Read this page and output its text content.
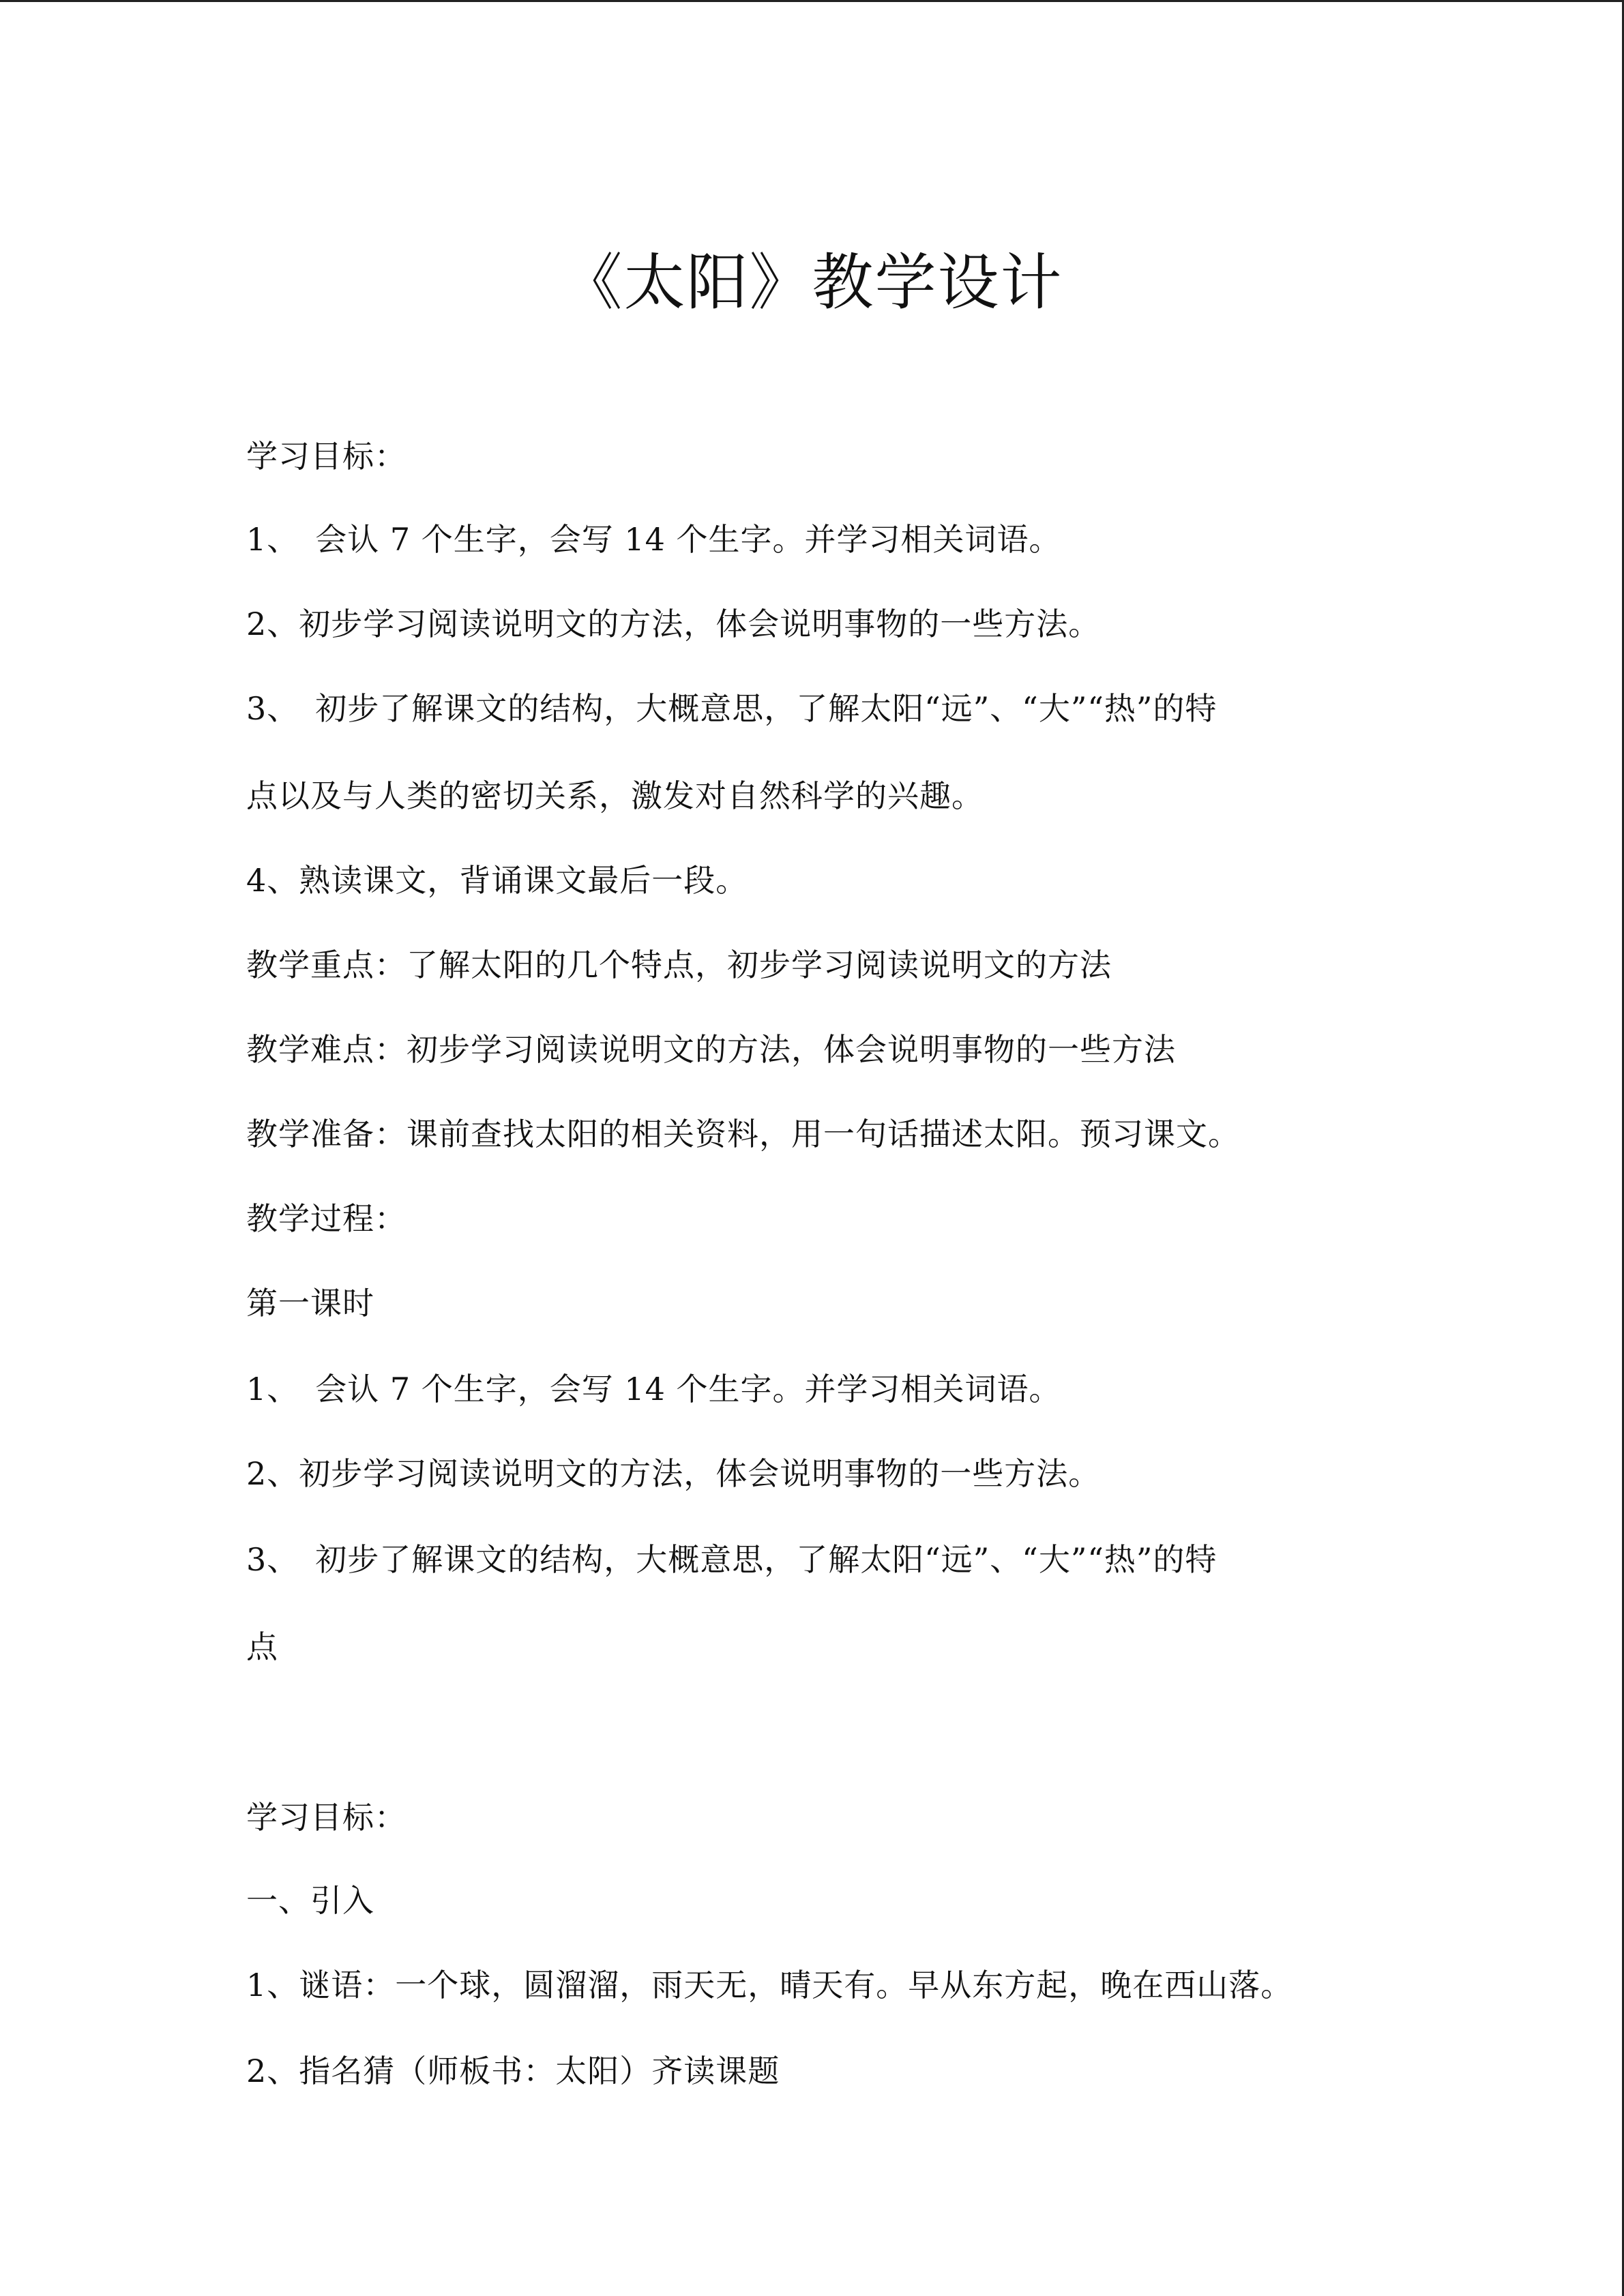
《太阳》教学设计
学习目标：
1、　会认 7 个生字，会写 14 个生字。并学习相关词语。
2、初步学习阅读说明文的方法，体会说明事物的一些方法。
3、　初步了解课文的结构，大概意思，了解太阳“远”、“大”“热”的特
点以及与人类的密切关系，激发对自然科学的兴趣。
4、熟读课文，背诵课文最后一段。
教学重点：了解太阳的几个特点，初步学习阅读说明文的方法
教学难点：初步学习阅读说明文的方法，体会说明事物的一些方法
教学准备：课前查找太阳的相关资料，用一句话描述太阳。预习课文。
教学过程：
第一课时
1、　会认 7 个生字，会写 14 个生字。并学习相关词语。
2、初步学习阅读说明文的方法，体会说明事物的一些方法。
3、　初步了解课文的结构，大概意思，了解太阳“远”、“大”“热”的特
点
学习目标：
一、引入
1、谜语：一个球，圆溜溜，雨天无，晴天有。早从东方起，晚在西山落。
2、指名猜（师板书：太阳）齐读课题
